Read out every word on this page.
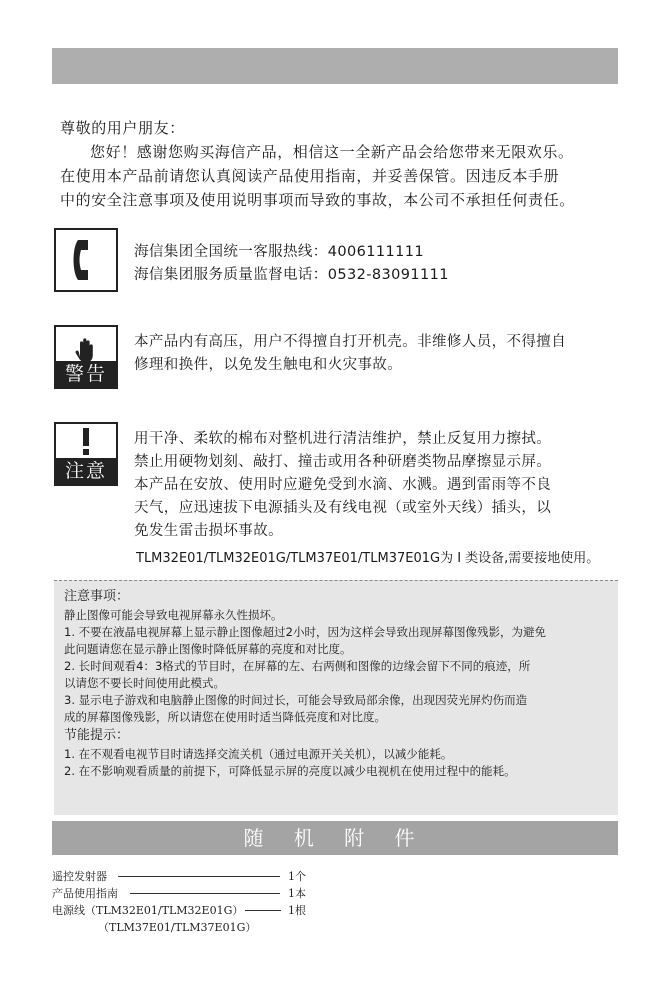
尊敬的用户朋友：

您好！感谢您购买海信产品，相信这一全新产品会给您带来无限欢乐。

在使用本产品前请您认真阅读产品使用指南，并妥善保管。因违反本手册

中的安全注意事项及使用说明事项而导致的事故，本公司不承担任何责任。

海信集团全国统一客服热线：4006111111

海信集团服务质量监督电话：0532-83091111

警告

本产品内有高压，用户不得擅自打开机壳。非维修人员，不得擅自

修理和换件，以免发生触电和火灾事故。

注意

用干净、柔软的棉布对整机进行清洁维护，禁止反复用力擦拭。

禁止用硬物划刻、敲打、撞击或用各种研磨类物品摩擦显示屏。

本产品在安放、使用时应避免受到水滴、水溅。遇到雷雨等不良

天气，应迅速拔下电源插头及有线电视（或室外天线）插头，以

免发生雷击损坏事故。

TLM32E01/TLM32E01G/TLM37E01/TLM37E01G为 Ⅰ 类设备,需要接地使用。

注意事项：

静止图像可能会导致电视屏幕永久性损坏。

1. 不要在液晶电视屏幕上显示静止图像超过2小时，因为这样会导致出现屏幕图像残影，为避免

此问题请您在显示静止图像时降低屏幕的亮度和对比度。

2. 长时间观看4：3格式的节目时，在屏幕的左、右两侧和图像的边缘会留下不同的痕迹，所

以请您不要长时间使用此模式。

3. 显示电子游戏和电脑静止图像的时间过长，可能会导致局部余像，出现因荧光屏灼伤而造

成的屏幕图像残影，所以请您在使用时适当降低亮度和对比度。

节能提示：

1. 在不观看电视节目时请选择交流关机（通过电源开关关机），以减少能耗。

2. 在不影响观看质量的前提下，可降低显示屏的亮度以减少电视机在使用过程中的能耗。

随 机 附 件
遥控发射器	1个
产品使用指南	1本
电源线（TLM32E01/TLM32E01G）	1根
（TLM37E01/TLM37E01G）
